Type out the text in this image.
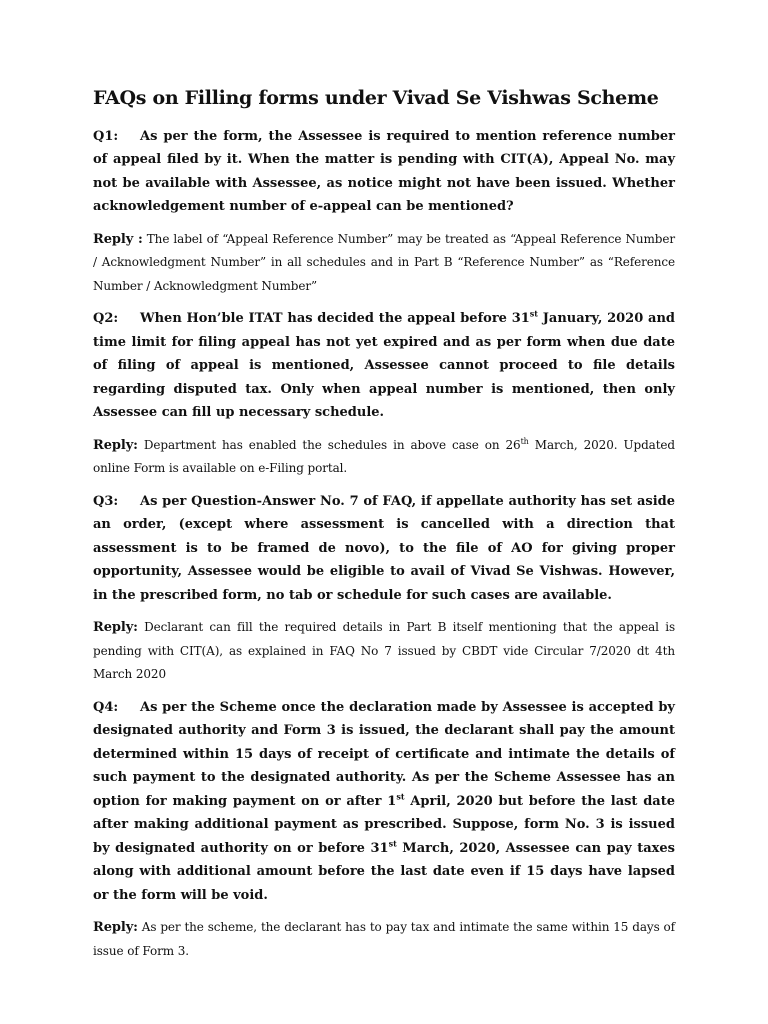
FAQs on Filling forms under Vivad Se Vishwas Scheme

Q1: As per the form, the Assessee is required to mention reference number of appeal filed by it. When the matter is pending with CIT(A), Appeal No. may not be available with Assessee, as notice might not have been issued. Whether acknowledgement number of e-appeal can be mentioned?

Reply : The label of “Appeal Reference Number” may be treated as “Appeal Reference Number / Acknowledgment Number” in all schedules and in Part B “Reference Number” as “Reference Number / Acknowledgment Number”

Q2: When Hon’ble ITAT has decided the appeal before 31st January, 2020 and time limit for filing appeal has not yet expired and as per form when due date of filing of appeal is mentioned, Assessee cannot proceed to file details regarding disputed tax. Only when appeal number is mentioned, then only Assessee can fill up necessary schedule.

Reply: Department has enabled the schedules in above case on 26th March, 2020. Updated online Form is available on e-Filing portal.

Q3: As per Question-Answer No. 7 of FAQ, if appellate authority has set aside an order, (except where assessment is cancelled with a direction that assessment is to be framed de novo), to the file of AO for giving proper opportunity, Assessee would be eligible to avail of Vivad Se Vishwas. However, in the prescribed form, no tab or schedule for such cases are available.

Reply: Declarant can fill the required details in Part B itself mentioning that the appeal is pending with CIT(A), as explained in FAQ No 7 issued by CBDT vide Circular 7/2020 dt 4th March 2020

Q4: As per the Scheme once the declaration made by Assessee is accepted by designated authority and Form 3 is issued, the declarant shall pay the amount determined within 15 days of receipt of certificate and intimate the details of such payment to the designated authority. As per the Scheme Assessee has an option for making payment on or after 1st April, 2020 but before the last date after making additional payment as prescribed. Suppose, form No. 3 is issued by designated authority on or before 31st March, 2020, Assessee can pay taxes along with additional amount before the last date even if 15 days have lapsed or the form will be void.

Reply: As per the scheme, the declarant has to pay tax and intimate the same within 15 days of issue of Form 3.
